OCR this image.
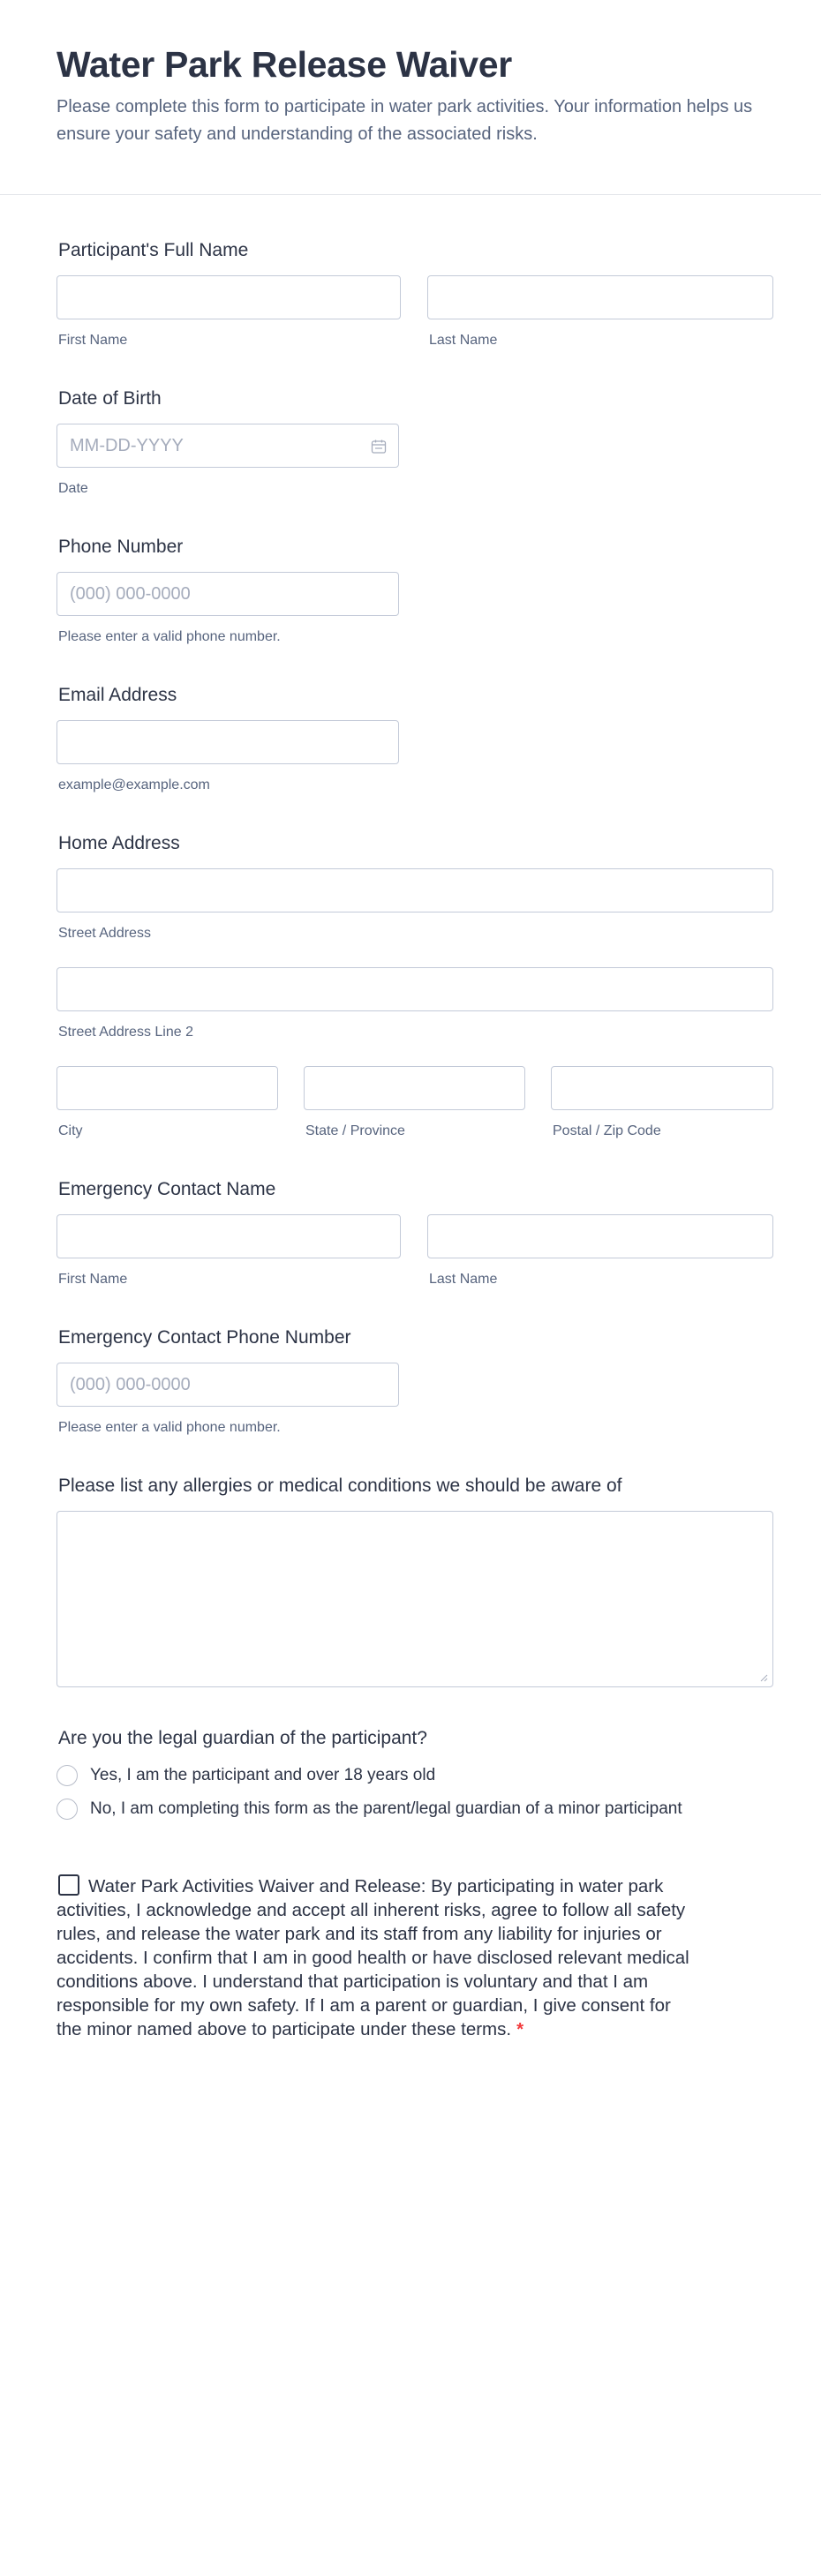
Water Park Release Waiver

Please complete this form to participate in water park activities. Your information helps us ensure your safety and understanding of the associated risks.

Participant's Full Name

First Name	Last Name

Date of Birth

MM-DD-YYYY

Date

Phone Number

(000) 000-0000

Please enter a valid phone number.

Email Address

example@example.com

Home Address

Street Address

Street Address Line 2

City	State / Province	Postal / Zip Code

Emergency Contact Name

First Name	Last Name

Emergency Contact Phone Number

(000) 000-0000

Please enter a valid phone number.

Please list any allergies or medical conditions we should be aware of

Are you the legal guardian of the participant?

Yes, I am the participant and over 18 years old
No, I am completing this form as the parent/legal guardian of a minor participant

Water Park Activities Waiver and Release: By participating in water park activities, I acknowledge and accept all inherent risks, agree to follow all safety rules, and release the water park and its staff from any liability for injuries or accidents. I confirm that I am in good health or have disclosed relevant medical conditions above. I understand that participation is voluntary and that I am responsible for my own safety. If I am a parent or guardian, I give consent for the minor named above to participate under these terms. *
